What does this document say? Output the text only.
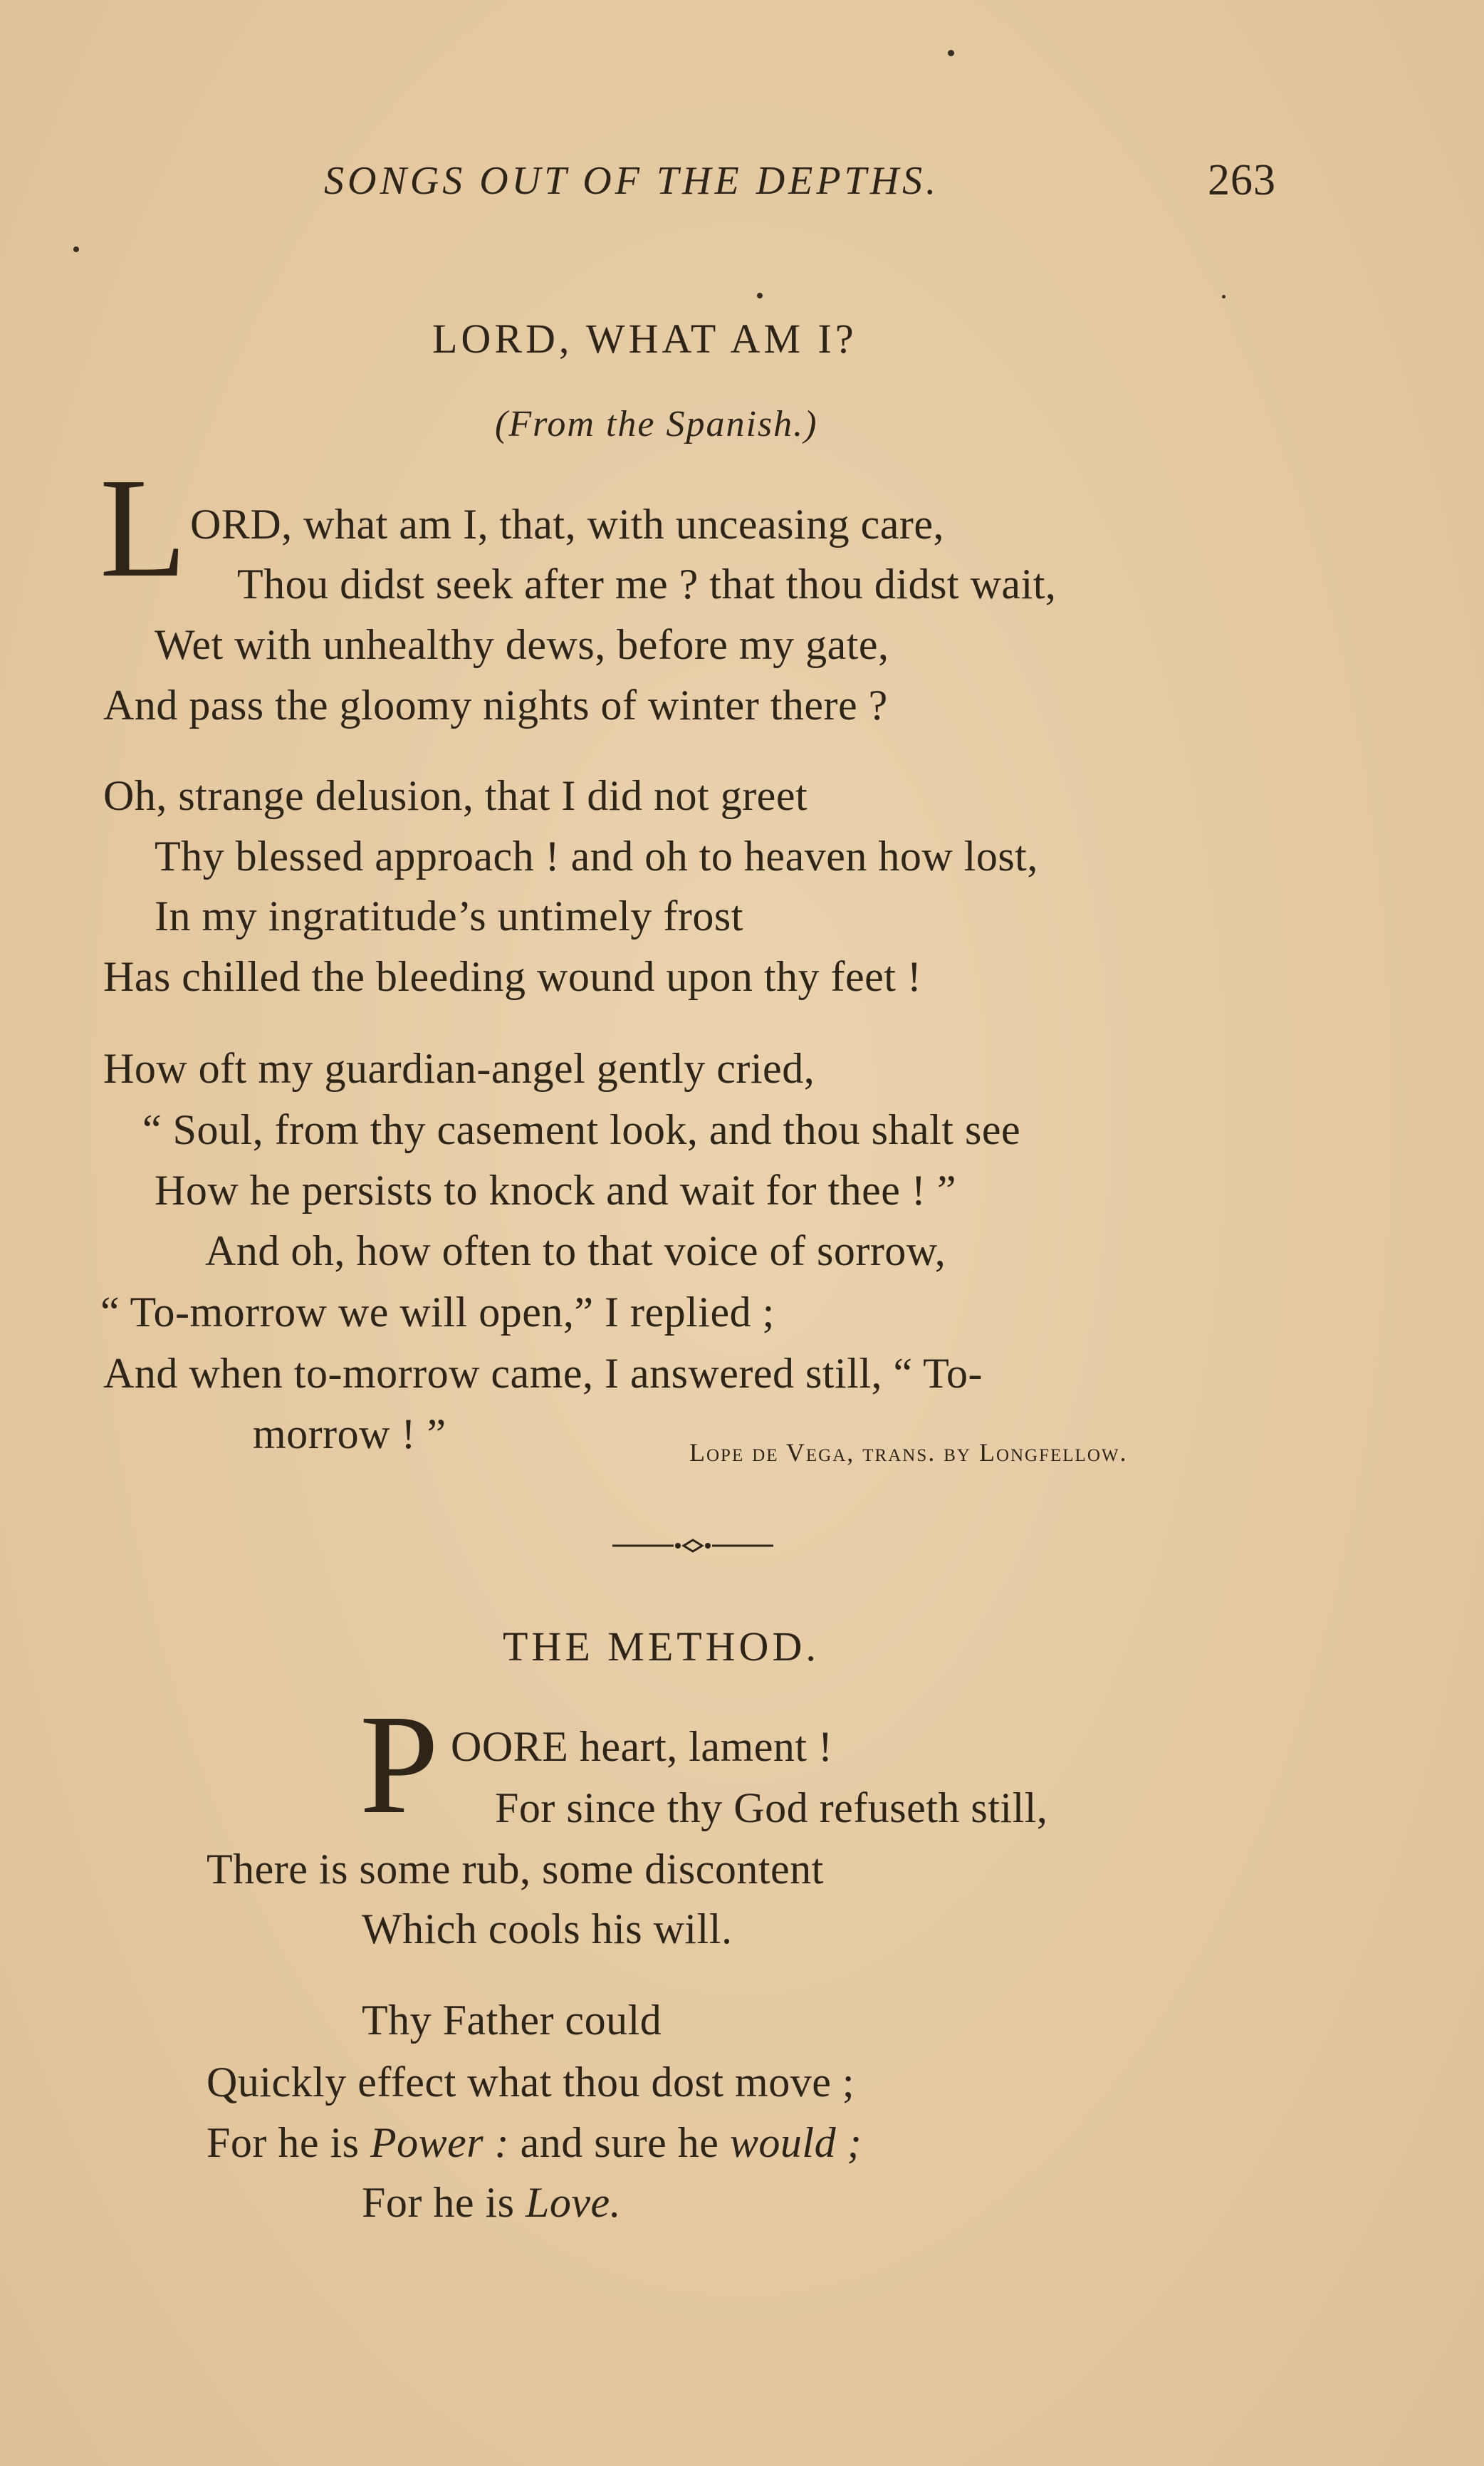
SONGS OUT OF THE DEPTHS.	263
LORD, WHAT AM I?
(From the Spanish.)
L ORD, what am I, that, with unceasing care,
Thou didst seek after me ? that thou didst wait,
Wet with unhealthy dews, before my gate,
And pass the gloomy nights of winter there ?
Oh, strange delusion, that I did not greet
Thy blessed approach ! and oh to heaven how lost,
In my ingratitude’s untimely frost
Has chilled the bleeding wound upon thy feet !
How oft my guardian-angel gently cried,
“ Soul, from thy casement look, and thou shalt see
How he persists to knock and wait for thee ! ”
And oh, how often to that voice of sorrow,
“ To-morrow we will open,” I replied ;
And when to-morrow came, I answered still, “ To-
morrow ! ”	Lope de Vega, trans. by Longfellow.
THE METHOD.
P OORE heart, lament !
For since thy God refuseth still,
There is some rub, some discontent
Which cools his will.
Thy Father could
Quickly effect what thou dost move ;
For he is Power : and sure he would ;
For he is Love.
